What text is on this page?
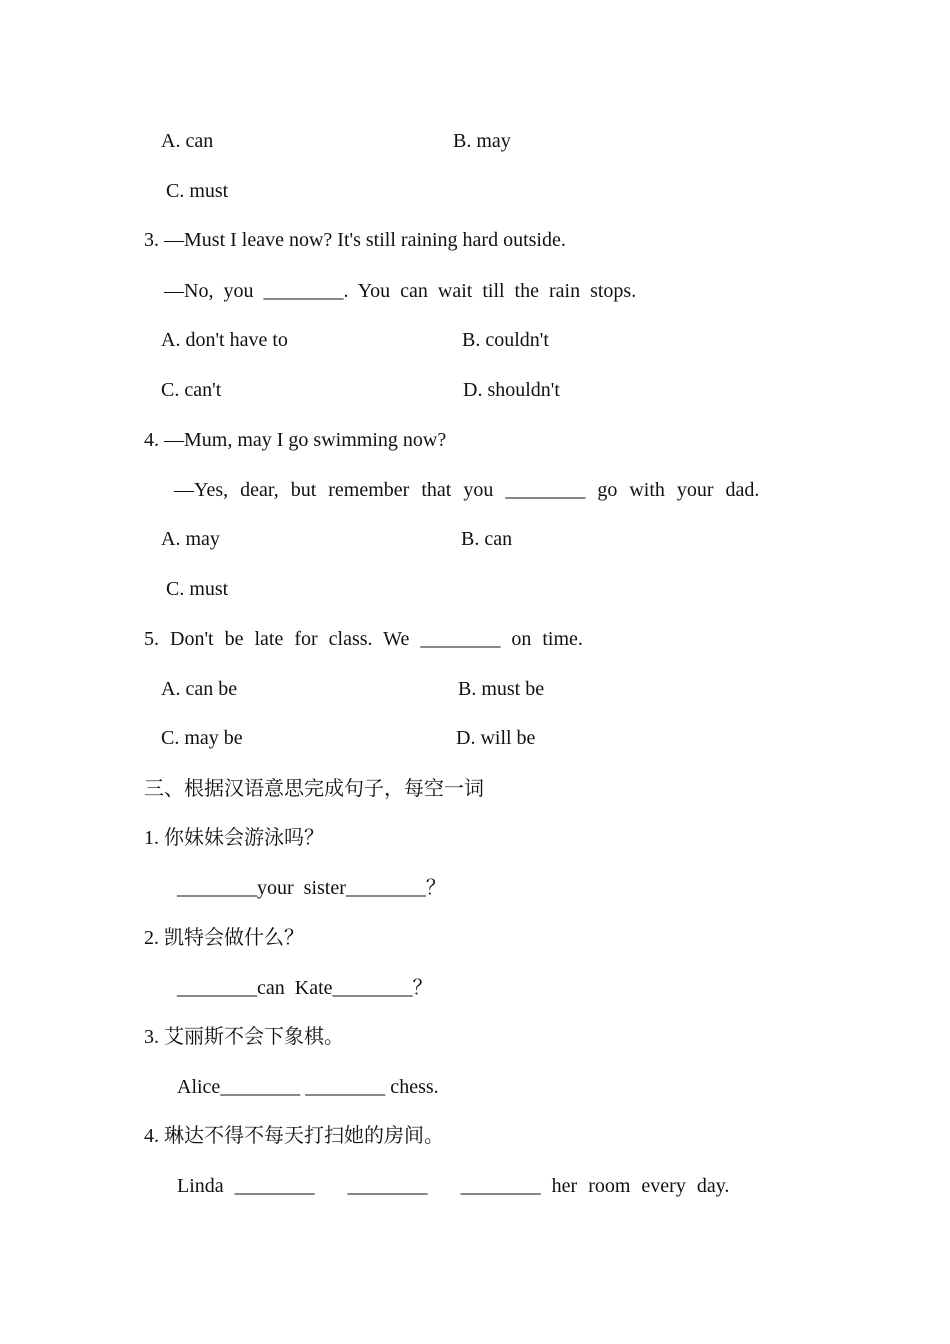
A. can	B. may
C. must
3. —Must I leave now? It's still raining hard outside.
—No, you ________. You can wait till the rain stops.
A. don't have to	B. couldn't
C. can't	D. shouldn't
4. —Mum, may I go swimming now?
—Yes, dear, but remember that you ________ go with your dad.
A. may	B. can
C. must
5. Don't be late for class. We ________ on time.
A. can be	B. must be
C. may be	D. will be
三、根据汉语意思完成句子，每空一词
1. 你妹妹会游泳吗？
________your sister________？
2. 凯特会做什么？
________can Kate________？
3. 艾丽斯不会下象棋。
Alice________ ________ chess.
4. 琳达不得不每天打扫她的房间。
Linda ________   ________   ________ her room every day.
